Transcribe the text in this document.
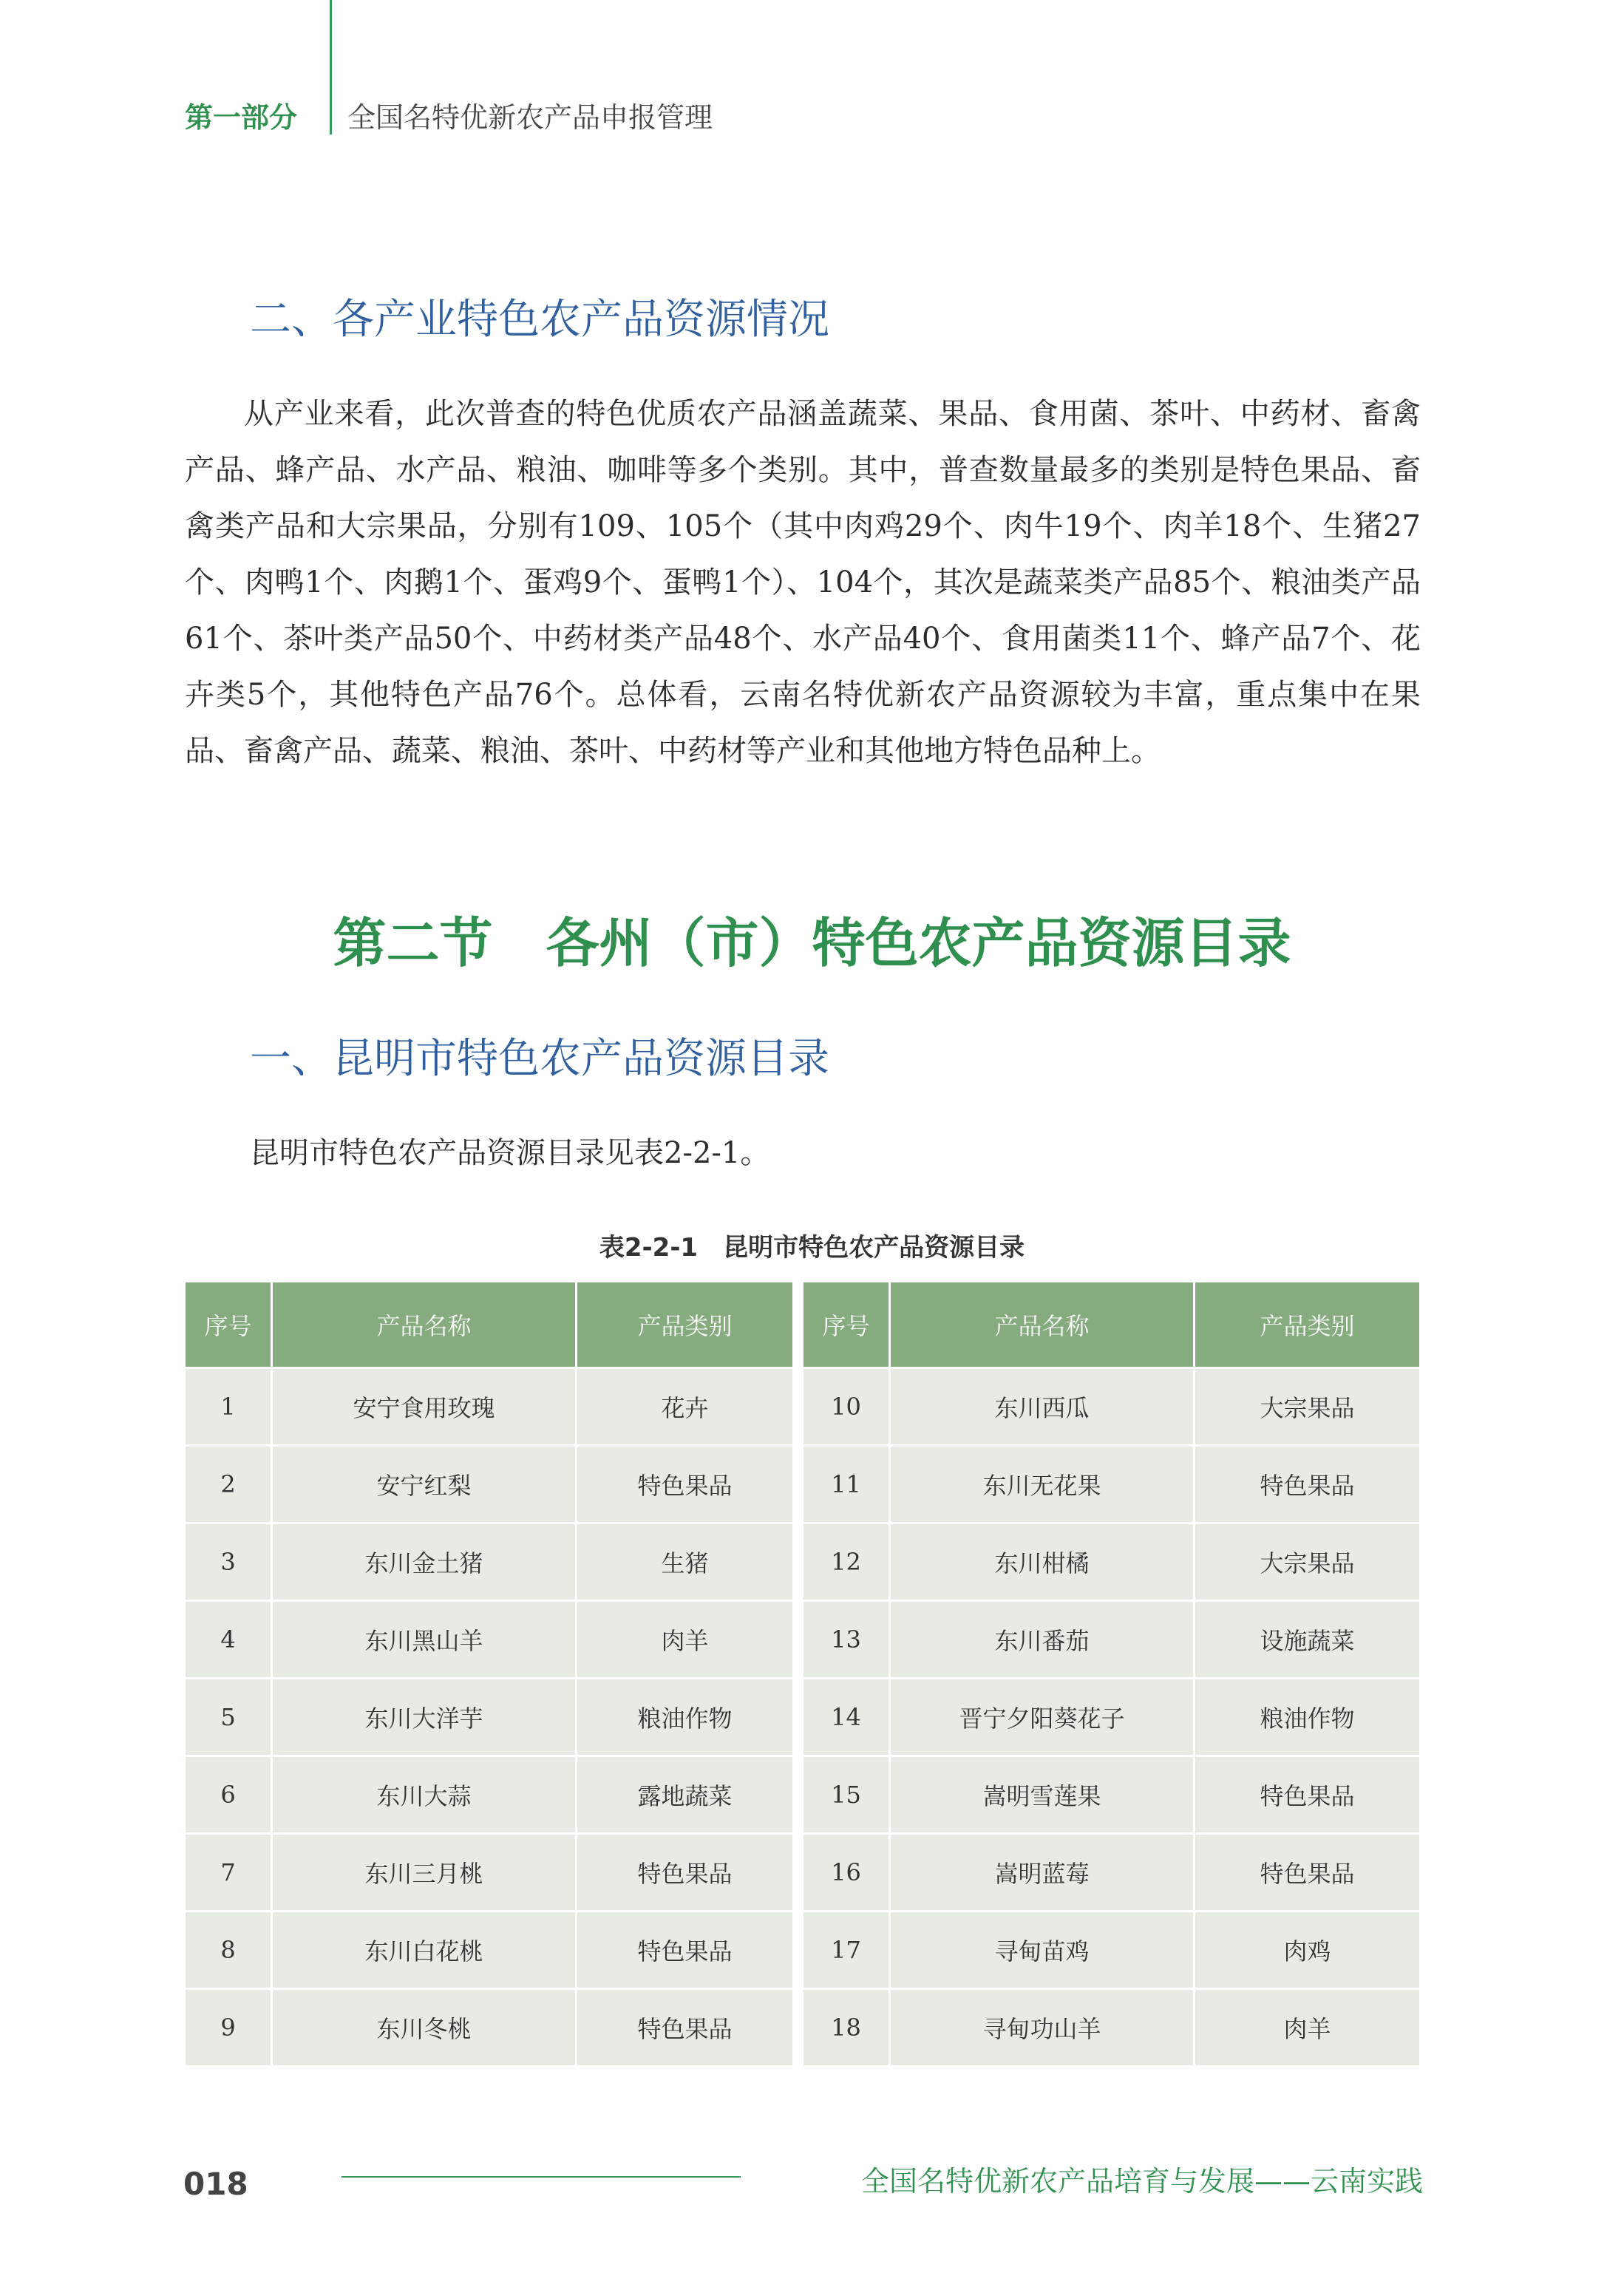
第一部分 全国名特优新农产品申报管理
二、各产业特色农产品资源情况
从产业来看，此次普查的特色优质农产品涵盖蔬菜、果品、食用菌、茶叶、中药材、畜禽产品、蜂产品、水产品、粮油、咖啡等多个类别。其中，普查数量最多的类别是特色果品、畜禽类产品和大宗果品，分别有109、105个（其中肉鸡29个、肉牛19个、肉羊18个、生猪27个、肉鸭1个、肉鹅1个、蛋鸡9个、蛋鸭1个）、104个，其次是蔬菜类产品85个、粮油类产品61个、茶叶类产品50个、中药材类产品48个、水产品40个、食用菌类11个、蜂产品7个、花卉类5个，其他特色产品76个。总体看，云南名特优新农产品资源较为丰富，重点集中在果品、畜禽产品、蔬菜、粮油、茶叶、中药材等产业和其他地方特色品种上。
第二节　各州（市）特色农产品资源目录
一、昆明市特色农产品资源目录
昆明市特色农产品资源目录见表2-2-1。
表2-2-1　昆明市特色农产品资源目录
序号	产品名称	产品类别
1	安宁食用玫瑰	花卉
2	安宁红梨	特色果品
3	东川金土猪	生猪
4	东川黑山羊	肉羊
5	东川大洋芋	粮油作物
6	东川大蒜	露地蔬菜
7	东川三月桃	特色果品
8	东川白花桃	特色果品
9	东川冬桃	特色果品
序号	产品名称	产品类别
10	东川西瓜	大宗果品
11	东川无花果	特色果品
12	东川柑橘	大宗果品
13	东川番茄	设施蔬菜
14	晋宁夕阳葵花子	粮油作物
15	嵩明雪莲果	特色果品
16	嵩明蓝莓	特色果品
17	寻甸苗鸡	肉鸡
18	寻甸功山羊	肉羊
018	全国名特优新农产品培育与发展——云南实践
